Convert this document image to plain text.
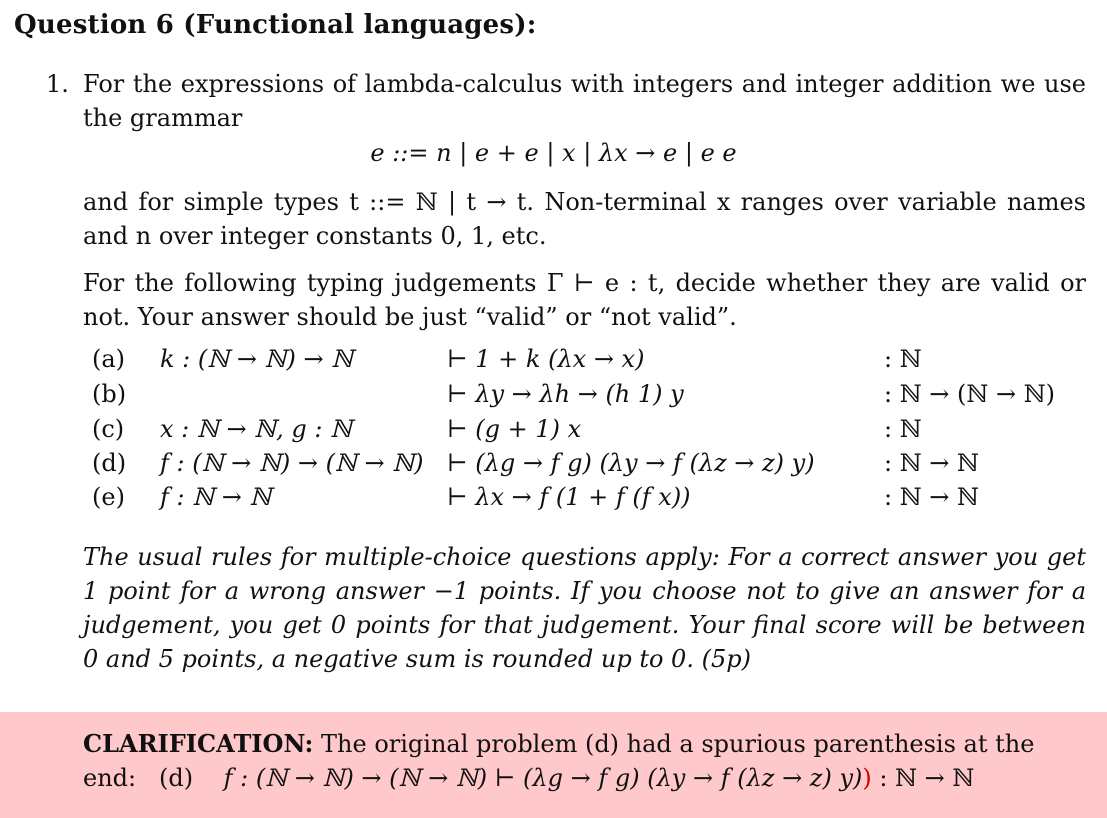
Question 6 (Functional languages):
1. For the expressions of lambda-calculus with integers and integer addition we use the grammar
e ::= n | e + e | x | λx → e | e e
and for simple types t ::= ℕ | t → t. Non-terminal x ranges over variable names and n over integer constants 0, 1, etc.
For the following typing judgements Γ ⊢ e : t, decide whether they are valid or not. Your answer should be just “valid” or “not valid”.
(a) k : (ℕ → ℕ) → ℕ	⊢ 1 + k (λx → x)	: ℕ
(b)	⊢ λy → λh → (h 1) y	: ℕ → (ℕ → ℕ)
(c) x : ℕ → ℕ, g : ℕ	⊢ (g + 1) x	: ℕ
(d) f : (ℕ → ℕ) → (ℕ → ℕ) ⊢ (λg → f g) (λy → f (λz → z) y)	: ℕ → ℕ
(e) f : ℕ → ℕ	⊢ λx → f (1 + f (f x))	: ℕ → ℕ
The usual rules for multiple-choice questions apply: For a correct answer you get 1 point for a wrong answer −1 points. If you choose not to give an answer for a judgement, you get 0 points for that judgement. Your final score will be between 0 and 5 points, a negative sum is rounded up to 0. (5p)
CLARIFICATION: The original problem (d) had a spurious parenthesis at the
end:   (d)    f : (ℕ → ℕ) → (ℕ → ℕ) ⊢ (λg → f g) (λy → f (λz → z) y)) : ℕ → ℕ
